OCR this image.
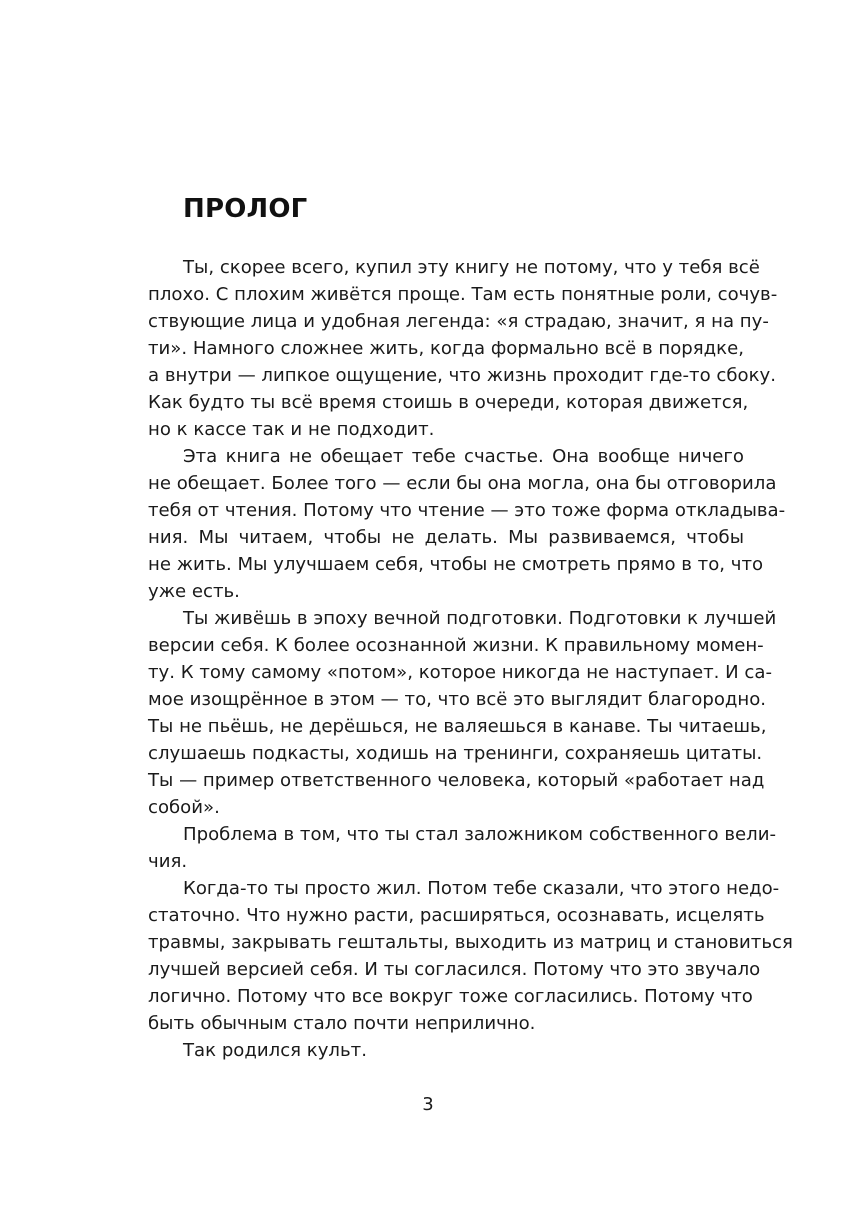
ПРОЛОГ
Ты, скорее всего, купил эту книгу не потому, что у тебя всё
плохо. С плохим живётся проще. Там есть понятные роли, сочув-
ствующие лица и удобная легенда: «я страдаю, значит, я на пу-
ти». Намного сложнее жить, когда формально всё в порядке,
а внутри — липкое ощущение, что жизнь проходит где-то сбоку.
Как будто ты всё время стоишь в очереди, которая движется,
но к кассе так и не подходит.
Эта книга не обещает тебе счастье. Она вообще ничего
не обещает. Более того — если бы она могла, она бы отговорила
тебя от чтения. Потому что чтение — это тоже форма откладыва-
ния. Мы читаем, чтобы не делать. Мы развиваемся, чтобы
не жить. Мы улучшаем себя, чтобы не смотреть прямо в то, что
уже есть.
Ты живёшь в эпоху вечной подготовки. Подготовки к лучшей
версии себя. К более осознанной жизни. К правильному момен-
ту. К тому самому «потом», которое никогда не наступает. И са-
мое изощрённое в этом — то, что всё это выглядит благородно.
Ты не пьёшь, не дерёшься, не валяешься в канаве. Ты читаешь,
слушаешь подкасты, ходишь на тренинги, сохраняешь цитаты.
Ты — пример ответственного человека, который «работает над
собой».
Проблема в том, что ты стал заложником собственного вели-
чия.
Когда-то ты просто жил. Потом тебе сказали, что этого недо-
статочно. Что нужно расти, расширяться, осознавать, исцелять
травмы, закрывать гештальты, выходить из матриц и становиться
лучшей версией себя. И ты согласился. Потому что это звучало
логично. Потому что все вокруг тоже согласились. Потому что
быть обычным стало почти неприлично.
Так родился культ.
3
